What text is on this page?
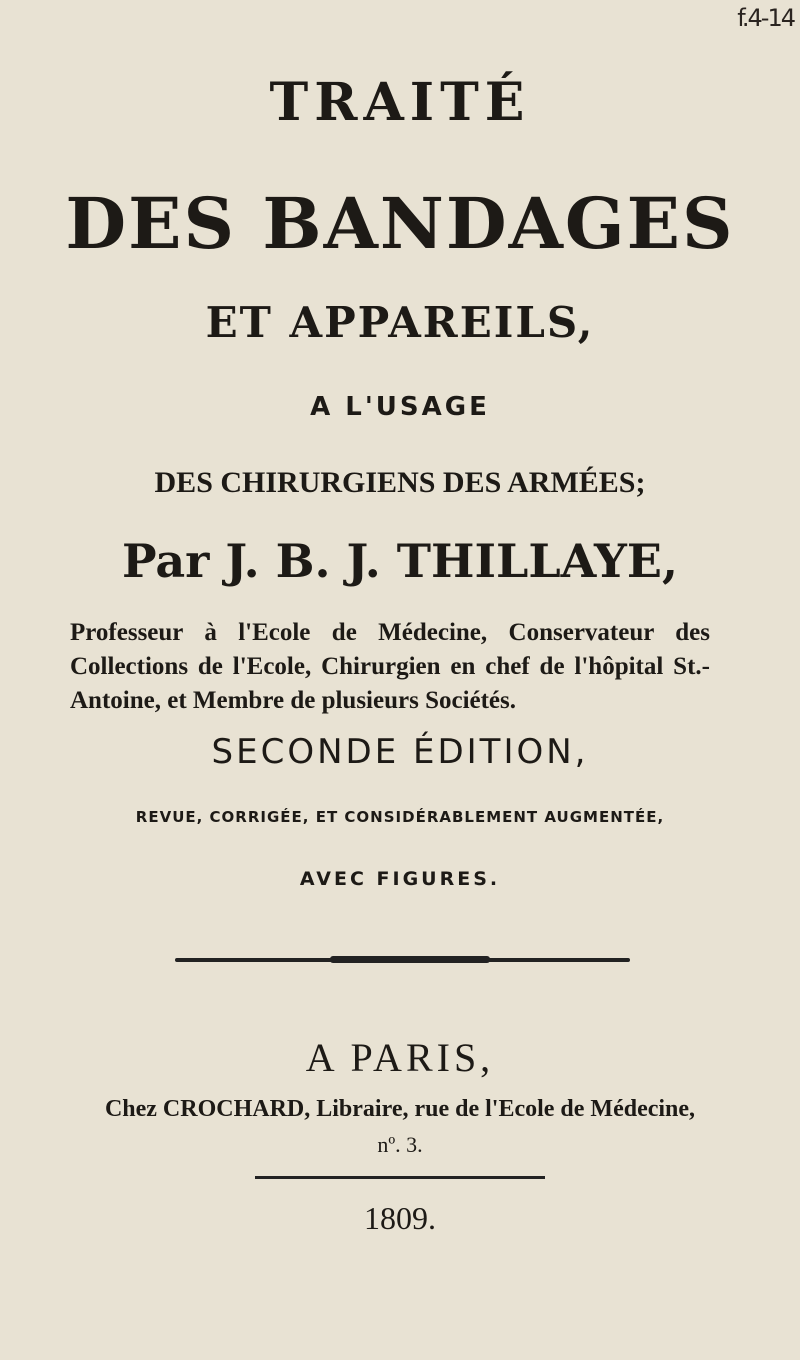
f.4-14
TRAITÉ
DES BANDAGES
ET APPAREILS,
A L'USAGE
DES CHIRURGIENS DES ARMÉES;
Par J. B. J. THILLAYE,
Professeur à l'Ecole de Médecine, Conservateur des Collections de l'Ecole, Chirurgien en chef de l'hôpital St.-Antoine, et Membre de plusieurs Sociétés.
SECONDE ÉDITION,
REVUE, CORRIGÉE, ET CONSIDÉRABLEMENT AUGMENTÉE,
AVEC FIGURES.
A PARIS,
Chez CROCHARD, Libraire, rue de l'Ecole de Médecine,
nº. 3.
1809.
